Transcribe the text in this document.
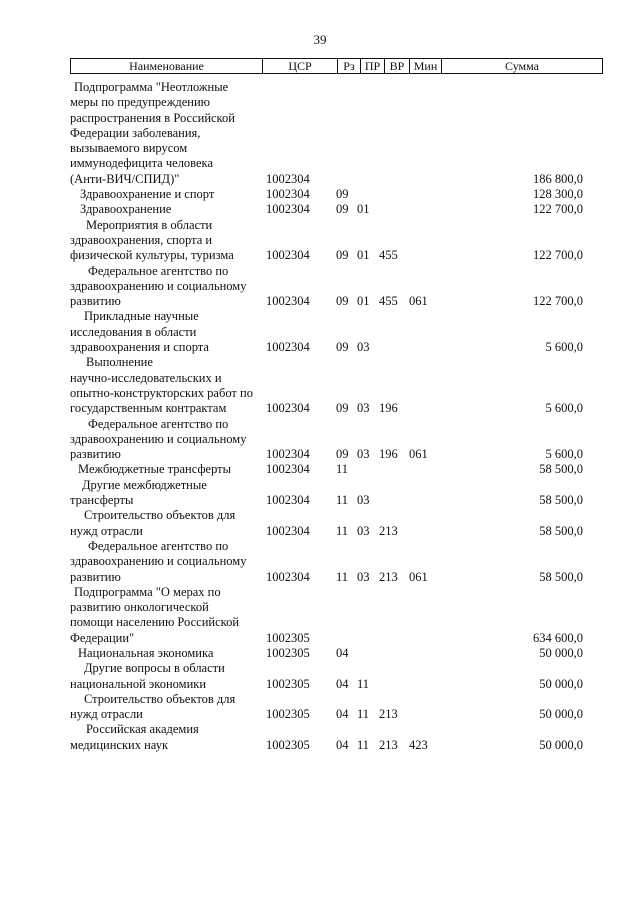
39
Наименование	ЦСР	Рз ПР ВР Мин	Сумма
Подпрограмма "Неотложные
меры по предупреждению
распространения в Российской
Федерации заболевания,
вызываемого вирусом
иммунодефицита человека
(Анти-ВИЧ/СПИД)"	1002304	186 800,0
Здравоохранение и спорт	1002304	09	128 300,0
Здравоохранение	1002304	09 01	122 700,0
Мероприятия в области
здравоохранения, спорта и
физической культуры, туризма	1002304	09 01 455	122 700,0
Федеральное агентство по
здравоохранению и социальному
развитию	1002304	09 01 455 061	122 700,0
Прикладные научные
исследования в области
здравоохранения и спорта	1002304	09 03	5 600,0
Выполнение
научно-исследовательских и
опытно-конструкторских работ по
государственным контрактам	1002304	09 03 196	5 600,0
Федеральное агентство по
здравоохранению и социальному
развитию	1002304	09 03 196 061	5 600,0
Межбюджетные трансферты	1002304	11	58 500,0
Другие межбюджетные
трансферты	1002304	11 03	58 500,0
Строительство объектов для
нужд отрасли	1002304	11 03 213	58 500,0
Федеральное агентство по
здравоохранению и социальному
развитию	1002304	11 03 213 061	58 500,0
Подпрограмма "О мерах по
развитию онкологической
помощи населению Российской
Федерации"	1002305	634 600,0
Национальная экономика	1002305	04	50 000,0
Другие вопросы в области
национальной экономики	1002305	04 11	50 000,0
Строительство объектов для
нужд отрасли	1002305	04 11 213	50 000,0
Российская академия
медицинских наук	1002305	04 11 213 423	50 000,0
